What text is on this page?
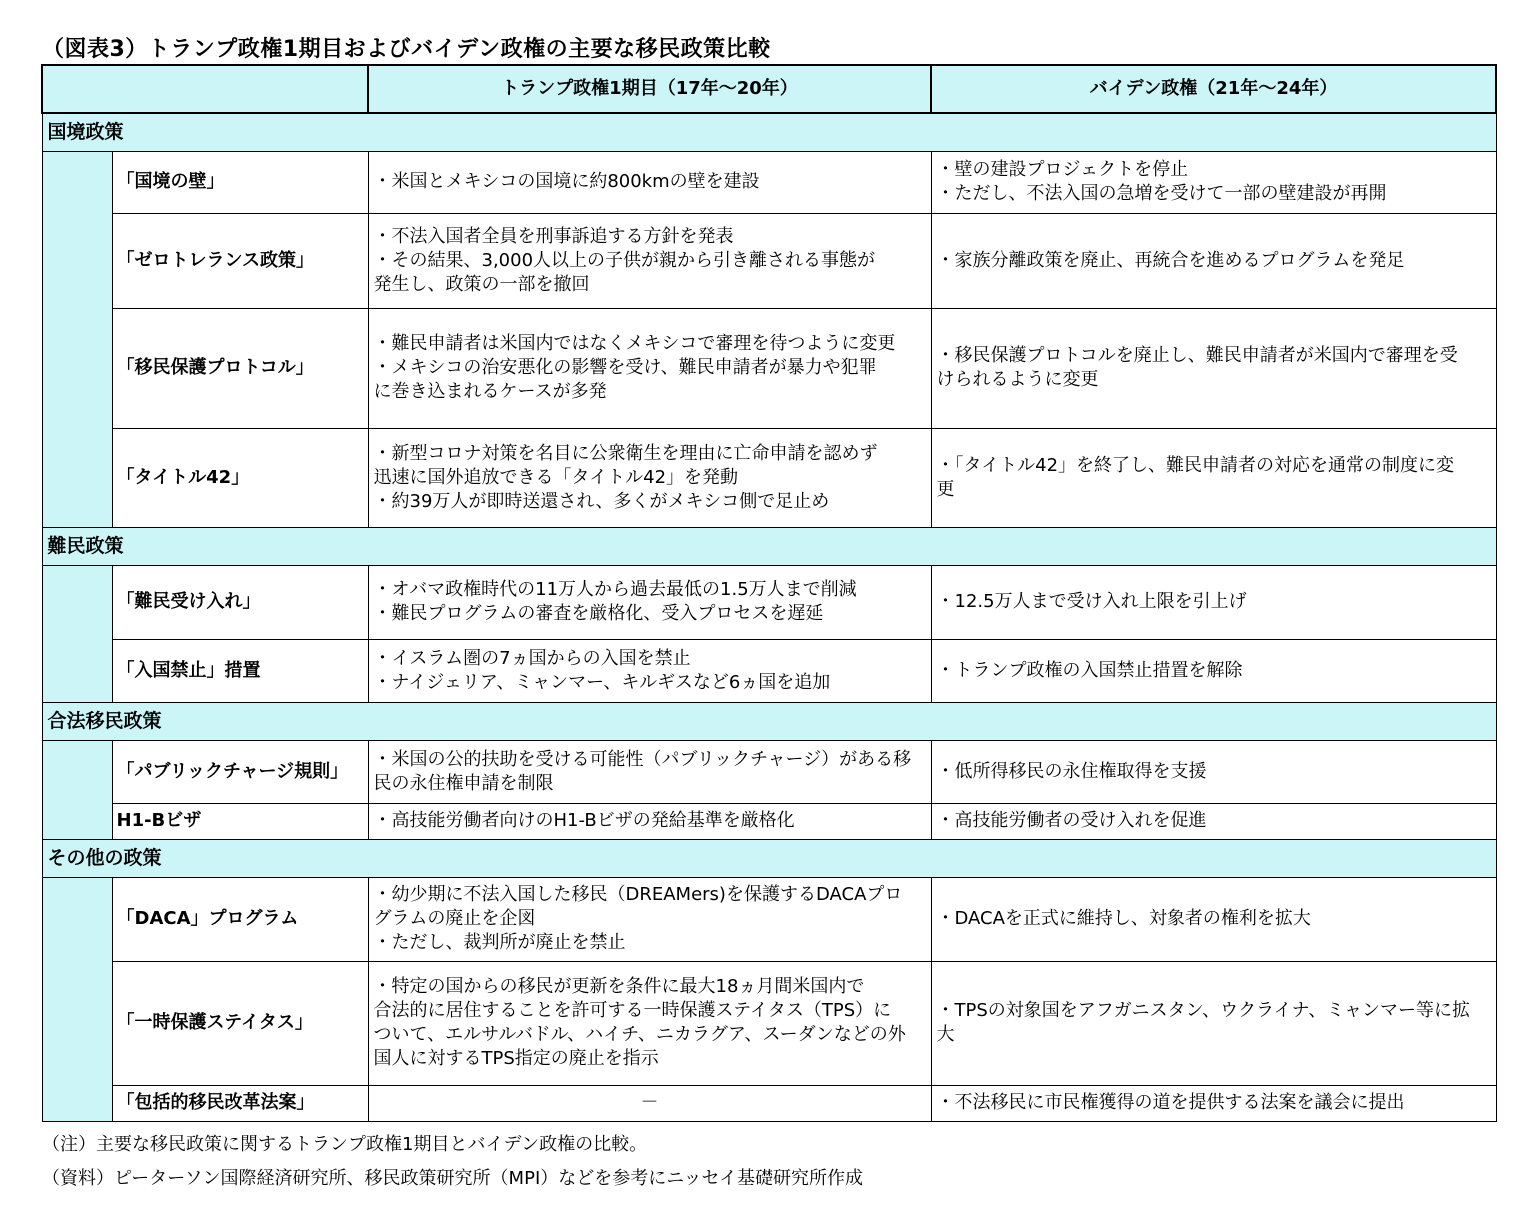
（図表3）トランプ政権1期目およびバイデン政権の主要な移民政策比較
		トランプ政権1期目（17年～20年）	バイデン政権（21年～24年）
国境政策			
	「国境の壁」	・米国とメキシコの国境に約800kmの壁を建設	・壁の建設プロジェクトを停止
・ただし、不法入国の急増を受けて一部の壁建設が再開

	「ゼロトレランス政策」	・不法入国者全員を刑事訴追する方針を発表
・その結果、3,000人以上の子供が親から引き離される事態が
発生し、政策の一部を撤回	・家族分離政策を廃止、再統合を進めるプログラムを発足

	「移民保護プロトコル」	・難民申請者は米国内ではなくメキシコで審理を待つように変更
・メキシコの治安悪化の影響を受け、難民申請者が暴力や犯罪
に巻き込まれるケースが多発	・移民保護プロトコルを廃止し、難民申請者が米国内で審理を受
けられるように変更

	「タイトル42」	・新型コロナ対策を名目に公衆衛生を理由に亡命申請を認めず
迅速に国外追放できる「タイトル42」を発動
・約39万人が即時送還され、多くがメキシコ側で足止め	・「タイトル42」を終了し、難民申請者の対応を通常の制度に変
更

難民政策			
	「難民受け入れ」	・オバマ政権時代の11万人から過去最低の1.5万人まで削減
・難民プログラムの審査を厳格化、受入プロセスを遅延	・12.5万人まで受け入れ上限を引上げ

	「入国禁止」措置	・イスラム圏の7ヵ国からの入国を禁止
・ナイジェリア、ミャンマー、キルギスなど6ヵ国を追加	・トランプ政権の入国禁止措置を解除

合法移民政策			
	「パブリックチャージ規則」	・米国の公的扶助を受ける可能性（パブリックチャージ）がある移
民の永住権申請を制限	・低所得移民の永住権取得を支援

	H1-Bビザ	・高技能労働者向けのH1-Bビザの発給基準を厳格化	・高技能労働者の受け入れを促進

その他の政策			
	「DACA」プログラム	・幼少期に不法入国した移民（DREAMers)を保護するDACAプロ
グラムの廃止を企図
・ただし、裁判所が廃止を禁止	・DACAを正式に維持し、対象者の権利を拡大

	「一時保護ステイタス」	・特定の国からの移民が更新を条件に最大18ヵ月間米国内で
合法的に居住することを許可する一時保護ステイタス（TPS）に
ついて、エルサルバドル、ハイチ、ニカラグア、スーダンなどの外
国人に対するTPS指定の廃止を指示	・TPSの対象国をアフガニスタン、ウクライナ、ミャンマー等に拡
大

	「包括的移民改革法案」	－	・不法移民に市民権獲得の道を提供する法案を議会に提出
（注）主要な移民政策に関するトランプ政権1期目とバイデン政権の比較。
（資料）ピーターソン国際経済研究所、移民政策研究所（MPI）などを参考にニッセイ基礎研究所作成
